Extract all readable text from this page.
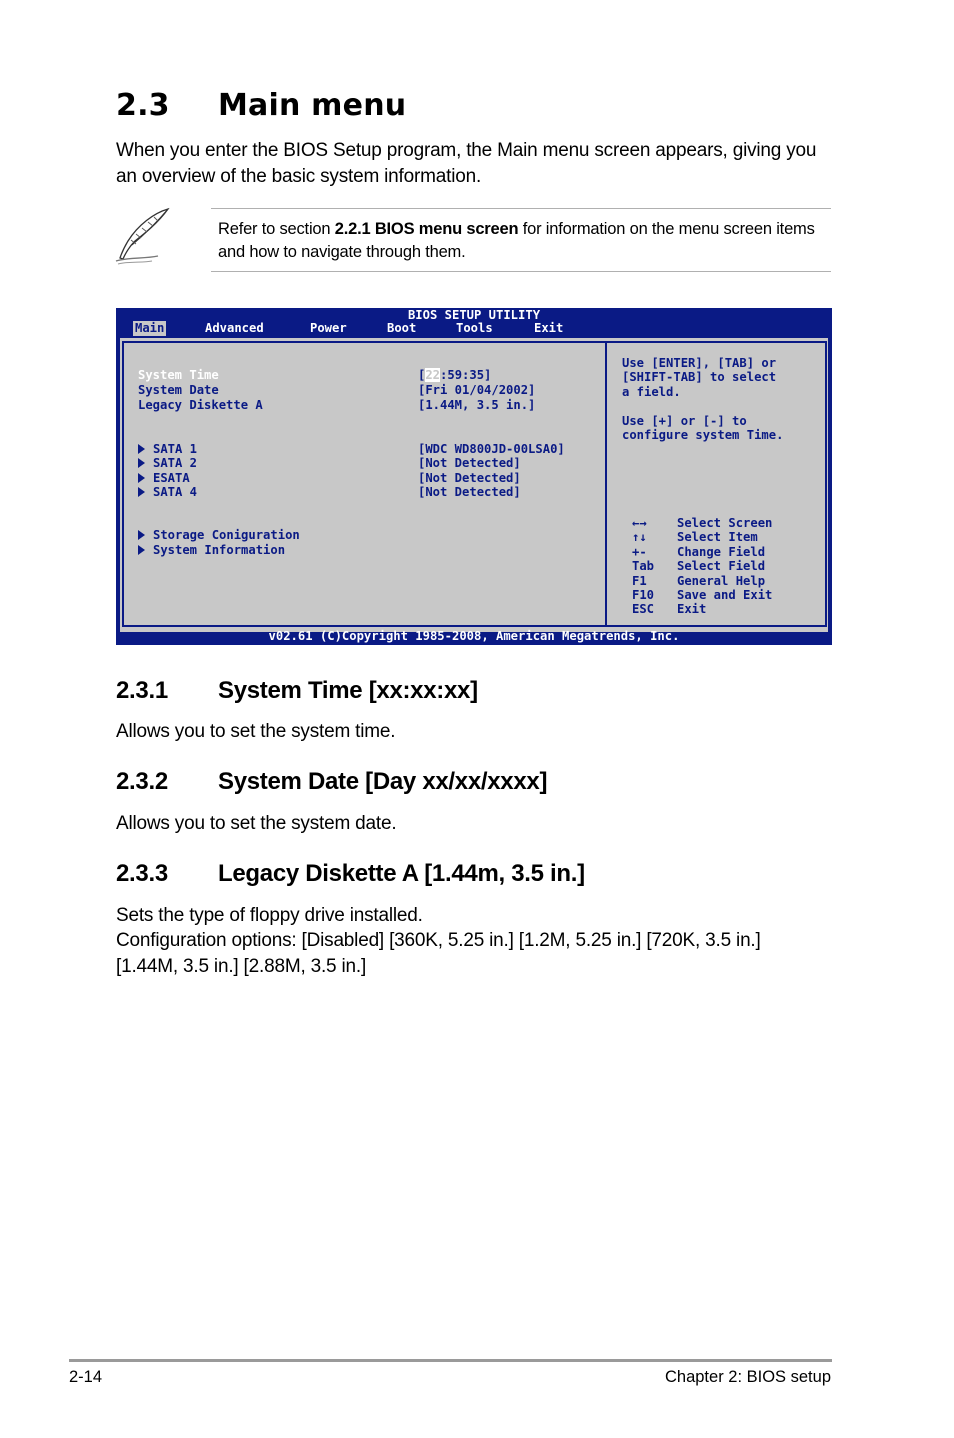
2.3 Main menu

When you enter the BIOS Setup program, the Main menu screen appears, giving you an overview of the basic system information.

Refer to section 2.2.1 BIOS menu screen for information on the menu screen items and how to navigate through them.
BIOS SETUP UTILITY
Main	Advanced	Power	Boot	Tools	Exit
System Time	[22:59:35]
System Date	[Fri 01/04/2002]
Legacy Diskette A	[1.44M, 3.5 in.]
SATA 1	[WDC WD800JD-00LSA0]
SATA 2	[Not Detected]
ESATA	[Not Detected]
SATA 4	[Not Detected]
Storage Coniguration
System Information
Use [ENTER], [TAB] or
[SHIFT-TAB] to select
a field.
Use [+] or [-] to
configure system Time.
←→ Select Screen
↑↓ Select Item
+- Change Field
Tab Select Field
F1 General Help
F10 Save and Exit
ESC Exit
v02.61 (C)Copyright 1985-2008, American Megatrends, Inc.
2.3.1 System Time [xx:xx:xx]

Allows you to set the system time.

2.3.2 System Date [Day xx/xx/xxxx]

Allows you to set the system date.

2.3.3 Legacy Diskette A [1.44m, 3.5 in.]

Sets the type of floppy drive installed.

Configuration options: [Disabled] [360K, 5.25 in.] [1.2M, 5.25 in.] [720K, 3.5 in.] [1.44M, 3.5 in.] [2.88M, 3.5 in.]

2-14	Chapter 2: BIOS setup
